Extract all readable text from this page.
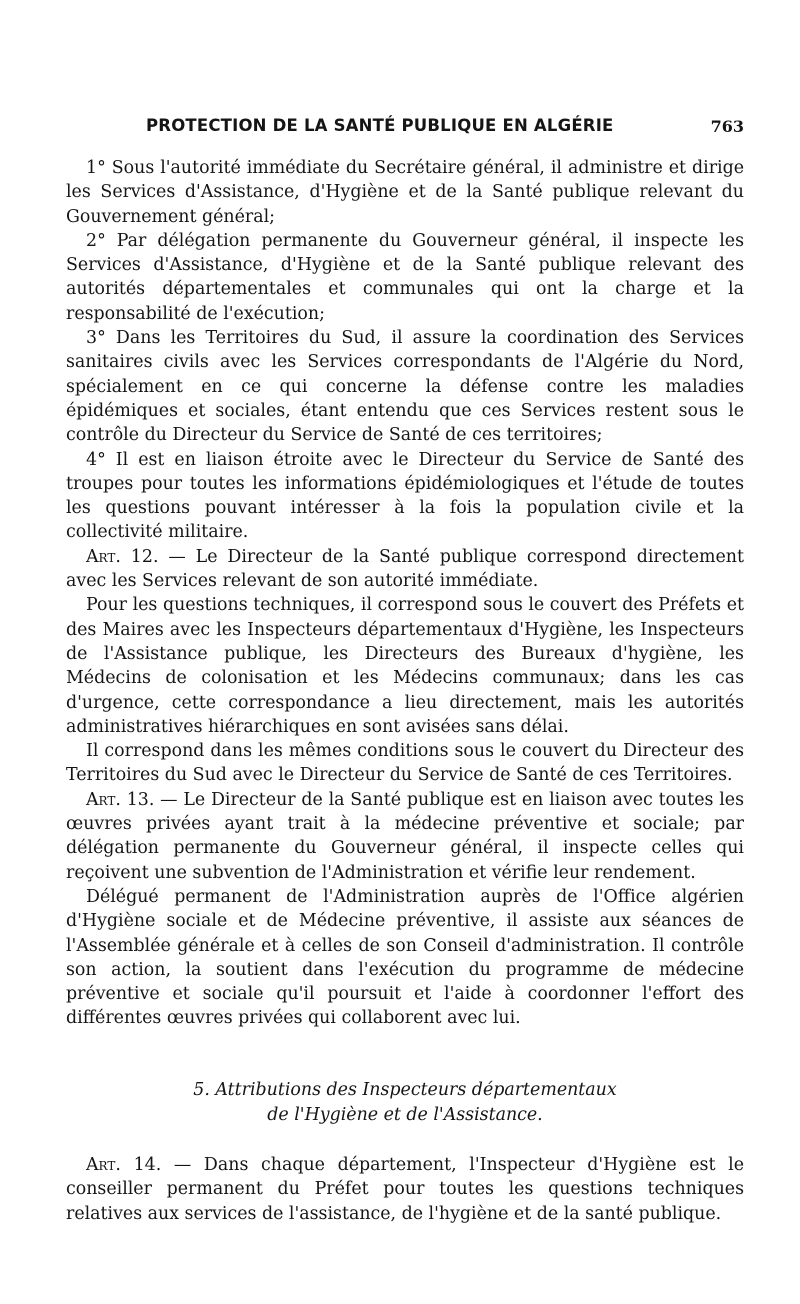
PROTECTION DE LA SANTÉ PUBLIQUE EN ALGÉRIE	763

1° Sous l'autorité immédiate du Secrétaire général, il administre et dirige les Services d'Assistance, d'Hygiène et de la Santé publique relevant du Gouvernement général;

2° Par délégation permanente du Gouverneur général, il inspecte les Services d'Assistance, d'Hygiène et de la Santé publique relevant des autorités départementales et communales qui ont la charge et la responsabilité de l'exécution;

3° Dans les Territoires du Sud, il assure la coordination des Services sanitaires civils avec les Services correspondants de l'Algérie du Nord, spécialement en ce qui concerne la défense contre les maladies épidémiques et sociales, étant entendu que ces Services restent sous le contrôle du Directeur du Service de Santé de ces territoires;

4° Il est en liaison étroite avec le Directeur du Service de Santé des troupes pour toutes les informations épidémiologiques et l'étude de toutes les questions pouvant intéresser à la fois la population civile et la collectivité militaire.

Art. 12. — Le Directeur de la Santé publique correspond directement avec les Services relevant de son autorité immédiate.

Pour les questions techniques, il correspond sous le couvert des Préfets et des Maires avec les Inspecteurs départementaux d'Hygiène, les Inspecteurs de l'Assistance publique, les Directeurs des Bureaux d'hygiène, les Médecins de colonisation et les Médecins communaux; dans les cas d'urgence, cette correspondance a lieu directement, mais les autorités administratives hiérarchiques en sont avisées sans délai.

Il correspond dans les mêmes conditions sous le couvert du Directeur des Territoires du Sud avec le Directeur du Service de Santé de ces Territoires.

Art. 13. — Le Directeur de la Santé publique est en liaison avec toutes les œuvres privées ayant trait à la médecine préventive et sociale; par délégation permanente du Gouverneur général, il inspecte celles qui reçoivent une subvention de l'Administration et vérifie leur rendement.

Délégué permanent de l'Administration auprès de l'Office algérien d'Hygiène sociale et de Médecine préventive, il assiste aux séances de l'Assemblée générale et à celles de son Conseil d'administration. Il contrôle son action, la soutient dans l'exécution du programme de médecine préventive et sociale qu'il poursuit et l'aide à coordonner l'effort des différentes œuvres privées qui collaborent avec lui.

5. Attributions des Inspecteurs départementaux
de l'Hygiène et de l'Assistance.

Art. 14. — Dans chaque département, l'Inspecteur d'Hygiène est le conseiller permanent du Préfet pour toutes les questions techniques relatives aux services de l'assistance, de l'hygiène et de la santé publique.
